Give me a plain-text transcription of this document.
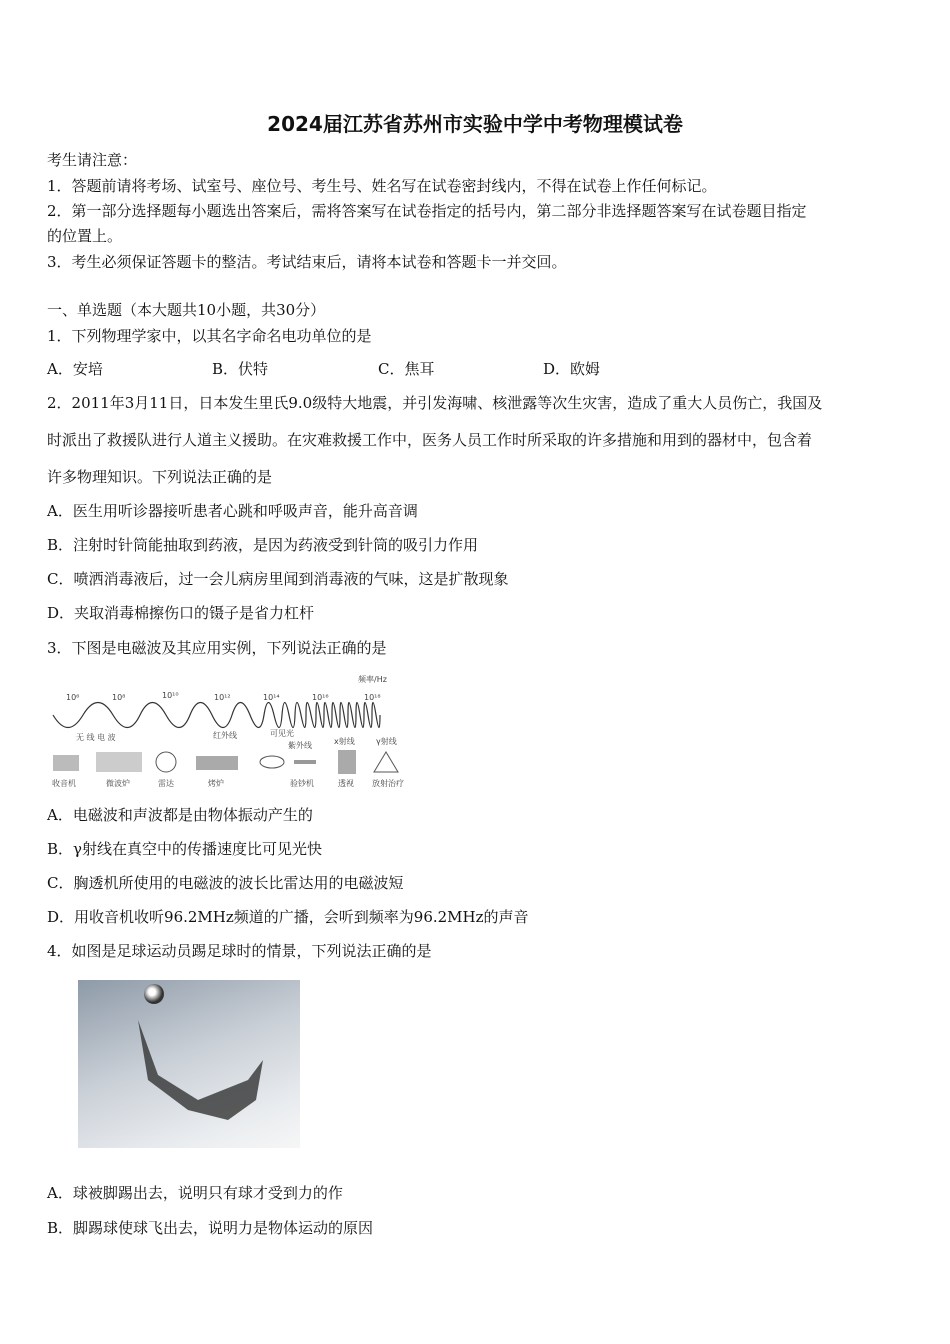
2024届江苏省苏州市实验中学中考物理模试卷
考生请注意：
1．答题前请将考场、试室号、座位号、考生号、姓名写在试卷密封线内，不得在试卷上作任何标记。
2．第一部分选择题每小题选出答案后，需将答案写在试卷指定的括号内，第二部分非选择题答案写在试卷题目指定
的位置上。
3．考生必须保证答题卡的整洁。考试结束后，请将本试卷和答题卡一并交回。
一、单选题（本大题共10小题，共30分）
1．下列物理学家中，以其名字命名电功单位的是
A．安培	B．伏特	C．焦耳	D．欧姆
2．2011年3月11日，日本发生里氏9.0级特大地震，并引发海啸、核泄露等次生灾害，造成了重大人员伤亡，我国及
时派出了救援队进行人道主义援助。在灾难救援工作中，医务人员工作时所采取的许多措施和用到的器材中，包含着
许多物理知识。下列说法正确的是
A．医生用听诊器接听患者心跳和呼吸声音，能升高音调
B．注射时针筒能抽取到药液，是因为药液受到针筒的吸引力作用
C．喷洒消毒液后，过一会儿病房里闻到消毒液的气味，这是扩散现象
D．夹取消毒棉擦伤口的镊子是省力杠杆
3．下图是电磁波及其应用实例，下列说法正确的是
频率/Hz
10⁶	10⁸	10¹⁰	10¹²	10¹⁴	10¹⁶	10¹⁸
无 线 电 波	红外线	可见光
紫外线	x射线	γ射线
收音机	微波炉	雷达	烤炉	验钞机	透视 放射治疗
A．电磁波和声波都是由物体振动产生的
B．γ射线在真空中的传播速度比可见光快
C．胸透机所使用的电磁波的波长比雷达用的电磁波短
D．用收音机收听96.2MHz频道的广播，会听到频率为96.2MHz的声音
4．如图是足球运动员踢足球时的情景，下列说法正确的是
A．球被脚踢出去，说明只有球才受到力的作
B．脚踢球使球飞出去，说明力是物体运动的原因
